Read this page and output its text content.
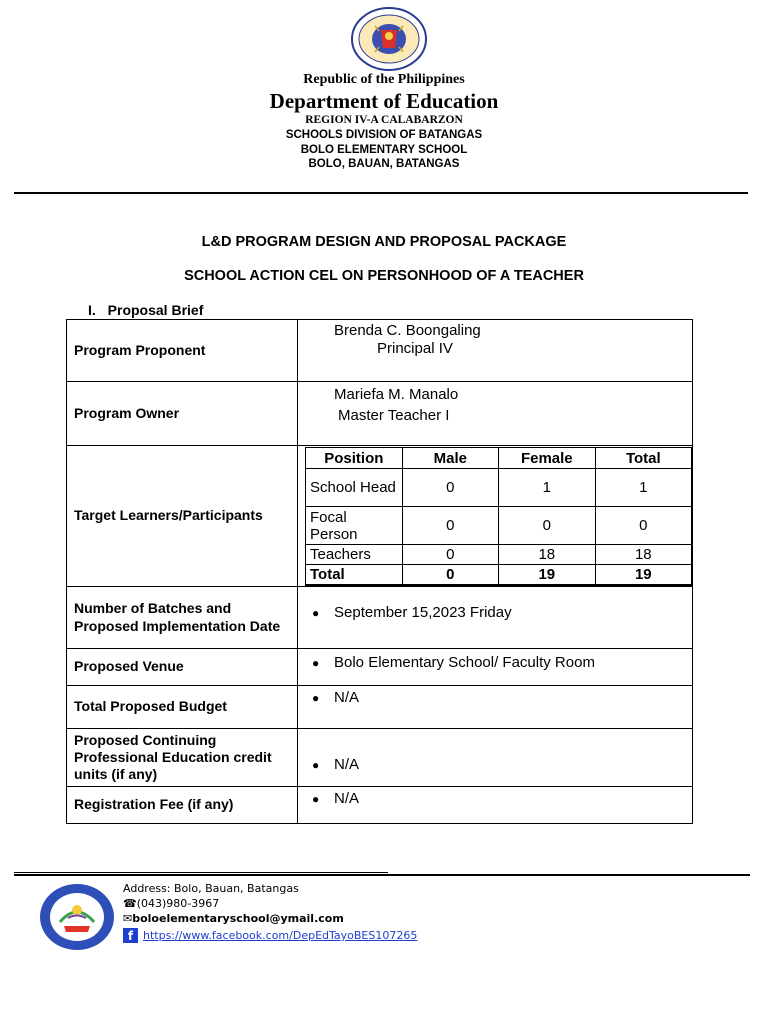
Republic of the Philippines
Department of Education
REGION IV-A CALABARZON
SCHOOLS DIVISION OF BATANGAS
BOLO ELEMENTARY SCHOOL
BOLO, BAUAN, BATANGAS
L&D PROGRAM DESIGN AND PROPOSAL PACKAGE
SCHOOL ACTION CEL ON PERSONHOOD OF A TEACHER
I. Proposal Brief
Program Proponent	
Brenda C. Boongaling
Principal IV

Program Owner	
Mariefa M. Manalo
Master Teacher I

Target Learners/Participants	
Position	Male	Female	Total
School Head	0	1	1
Focal Person	0	0	0
Teachers	0	18	18
Total	0	19	19

Number of Batches and Proposed Implementation Date	
● September 15,2023 Friday

Proposed Venue	● Bolo Elementary School/ Faculty Room

Total Proposed Budget	
● N/A

Proposed Continuing Professional Education credit units (if any)	
● N/A

Registration Fee (if any)	● N/A
Address: Bolo, Bauan, Batangas
☎(043)980-3967
✉boloelementaryschool@ymail.com
f https://www.facebook.com/DepEdTayoBES107265
